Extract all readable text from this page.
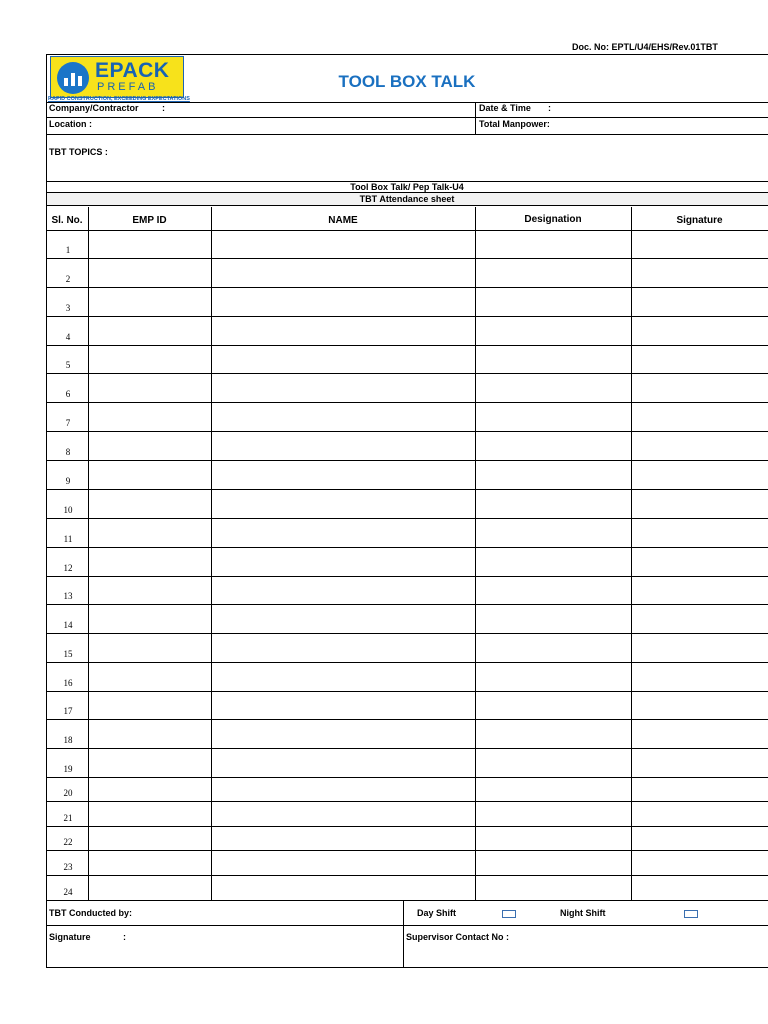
Doc. No: EPTL/U4/EHS/Rev.01TBT
EPACK
PREFAB
RAPID CONSTRUCTION, EXCEEDING EXPECTATIONS
TOOL BOX TALK
Company/Contractor	:	Date & Time :
Location :	Total Manpower:
TBT TOPICS :
Tool Box Talk/ Pep Talk-U4
TBT Attendance sheet
Sl. No.	EMP ID	NAME	Designation	Signature
1
2
3
4
5
6
7
8
9
10
11
12
13
14
15
16
17
18
19
20
21
22
23
24
TBT Conducted by:	Day Shift	Night Shift
Signature	:	Supervisor Contact No :
